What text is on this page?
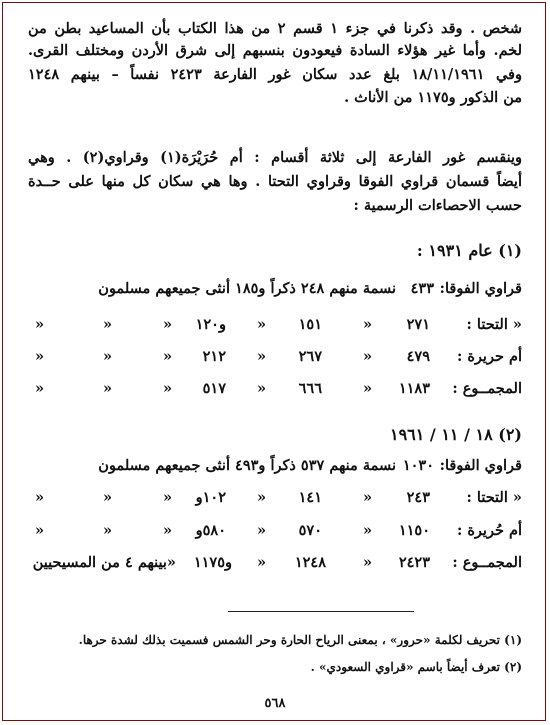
شخص . وقد ذكرنا في جزء ١ قسم ٢ من هذا الكتاب بأن المساعيد بطن من
لخم. وأما غير هؤلاء السادة فيعودون بنسبهم إلى شرق الأردن ومختلف القرى.
وفي ١٨/١١/١٩٦١ بلغ عدد سكان غور الفارعة ٢٤٢٣ نفساً – بينهم ١٢٤٨
من الذكور و١١٧٥ من الأناث .
وينقسم غور الفارعة إلى ثلاثة أقسام : أم حُرَيْرَة(١) وقراوي(٢) . وهي
أيضاً قسمان قراوي الفوقا وقراوي التحتا . وها هي سكان كل منها على حــدة
حسب الاحصاءات الرسمية :
(١) عام ١٩٣١ :
قراوي الفوقا:
٤٣٣
نسمة منهم ٢٤٨ ذكراً و١٨٥ أنثى جميعهم مسلمون
« التحتا :
٢٧١
«
١٥١
«
و١٢٠
«
«
«
أم حريرة :
٤٧٩
«
٢٦٧
«
٢١٢
«
«
«
المجمــوع :
١١٨٣
«
٦٦٦
«
٥١٧
«
«
«
(٢) ١٨ / ١١ / ١٩٦١
قراوي الفوقا:
١٠٣٠
نسمة منهم ٥٣٧ ذكراً و٤٩٣ أنثى جميعهم مسلمون
« التحتا :
٢٤٣
«
١٤١
«
١٠٢و
«
«
«
أم حُريرة :
١١٥٠
«
٥٧٠
«
٥٨٠و
«
«
«
المجمــوع :
٢٤٢٣
«
١٢٤٨
«
و١١٧٥
«بينهم ٤ من المسيحيين
(١) تحريف لكلمة «حرور» ، بمعنى الرياح الحارة وحر الشمس فسميت بذلك لشدة حرها.
(٢) تعرف أيضاً باسم «قراوي السعودي» .
٥٦٨
